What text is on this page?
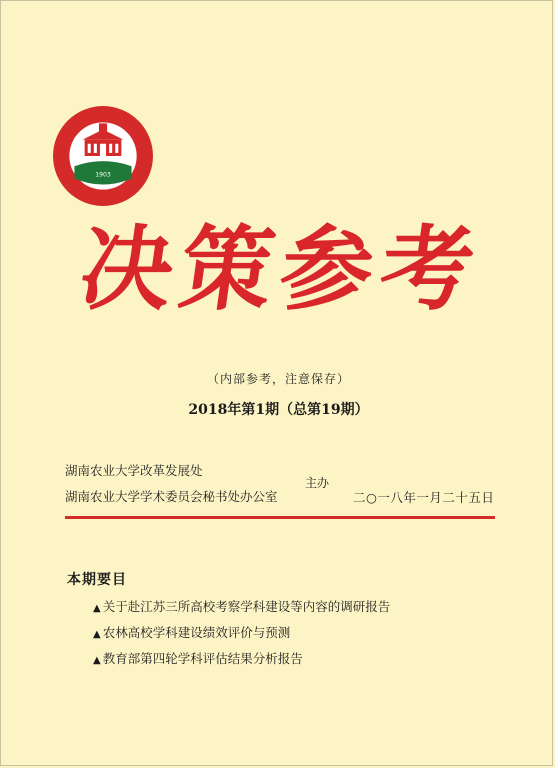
1903
决策参考
（内部参考，注意保存）
2018年第1期（总第19期）
湖南农业大学改革发展处
湖南农业大学学术委员会秘书处办公室
主办
二○一八年一月二十五日
本期要目
▲ 关于赴江苏三所高校考察学科建设等内容的调研报告
▲ 农林高校学科建设绩效评价与预测
▲ 教育部第四轮学科评估结果分析报告
